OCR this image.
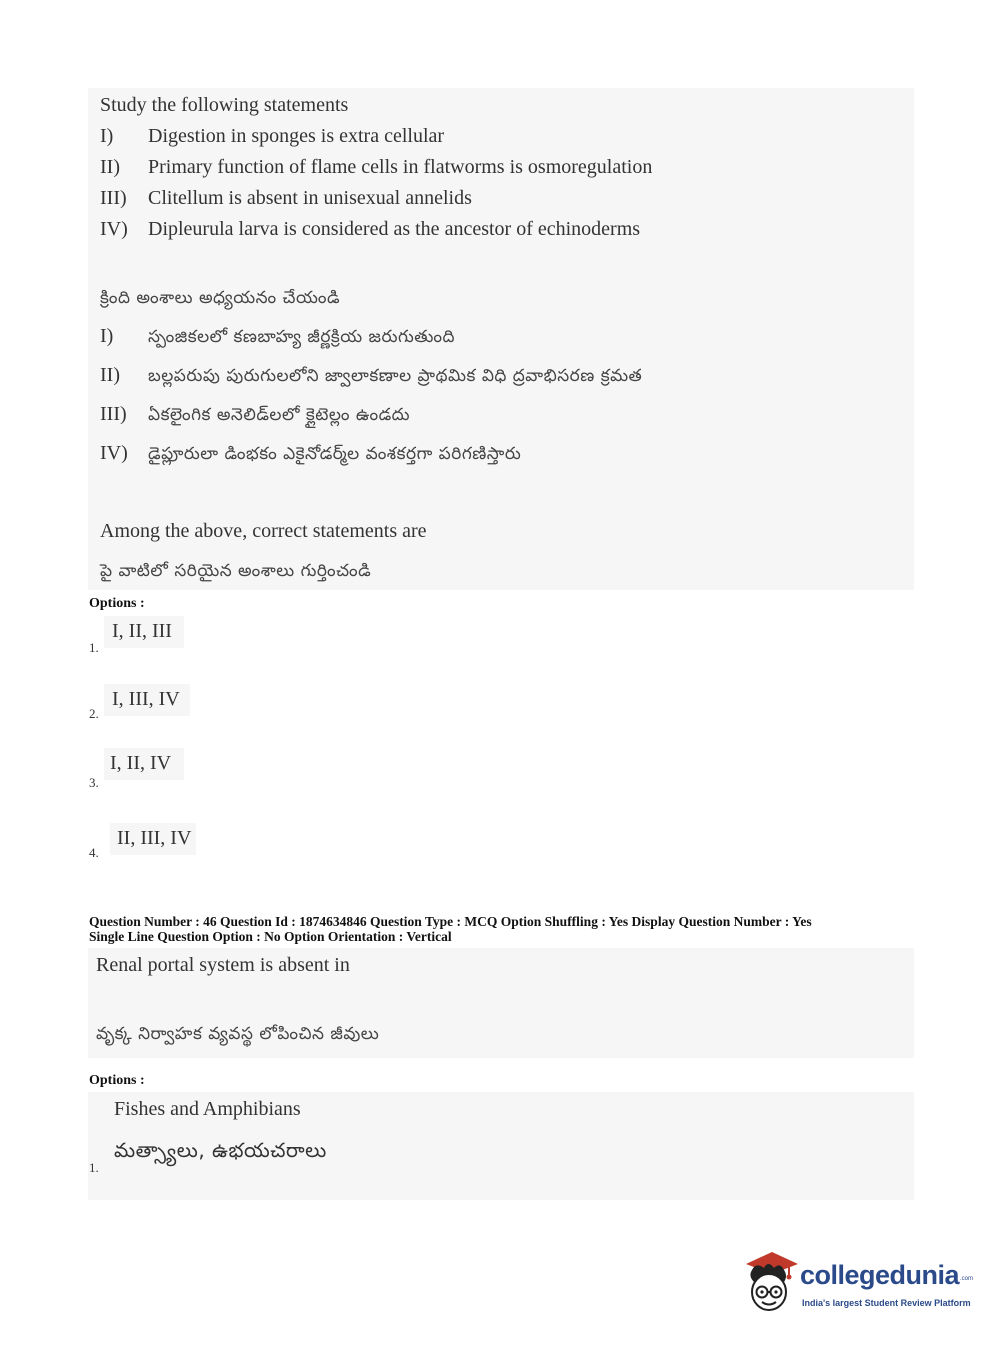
Study the following statements
I) Digestion in sponges is extra cellular
II) Primary function of flame cells in flatworms is osmoregulation
III) Clitellum is absent in unisexual annelids
IV) Dipleurula larva is considered as the ancestor of echinoderms
క్రింది అంశాలు అధ్యయనం చేయండి
I) స్పంజికలలో కణబాహ్య జీర్ణక్రియ జరుగుతుంది
II) బల్లపరుపు పురుగులలోని జ్వాలాకణాల ప్రాథమిక విధి ద్రవాభిసరణ క్రమత
III) ఏకలైంగిక అనెలిడ్‌లలో క్లైటెల్లం ఉండదు
IV) డైప్లూరులా డింభకం ఎకైనోడర్మ్‌ల వంశకర్తగా పరిగణిస్తారు
Among the above, correct statements are
పై వాటిలో సరియైన అంశాలు గుర్తించండి
Options :
1.
I, II, III
2.
I, III, IV
3.
I, II, IV
4.
II, III, IV
Question Number : 46 Question Id : 1874634846 Question Type : MCQ Option Shuffling : Yes Display Question Number : Yes
Single Line Question Option : No Option Orientation : Vertical
Renal portal system is absent in
వృక్క నిర్వాహక వ్యవస్థ లోపించిన జీవులు
Options :
1.
Fishes and Amphibians
మత్స్యాలు, ఉభయచరాలు
collegedunia .com
India's largest Student Review Platform
